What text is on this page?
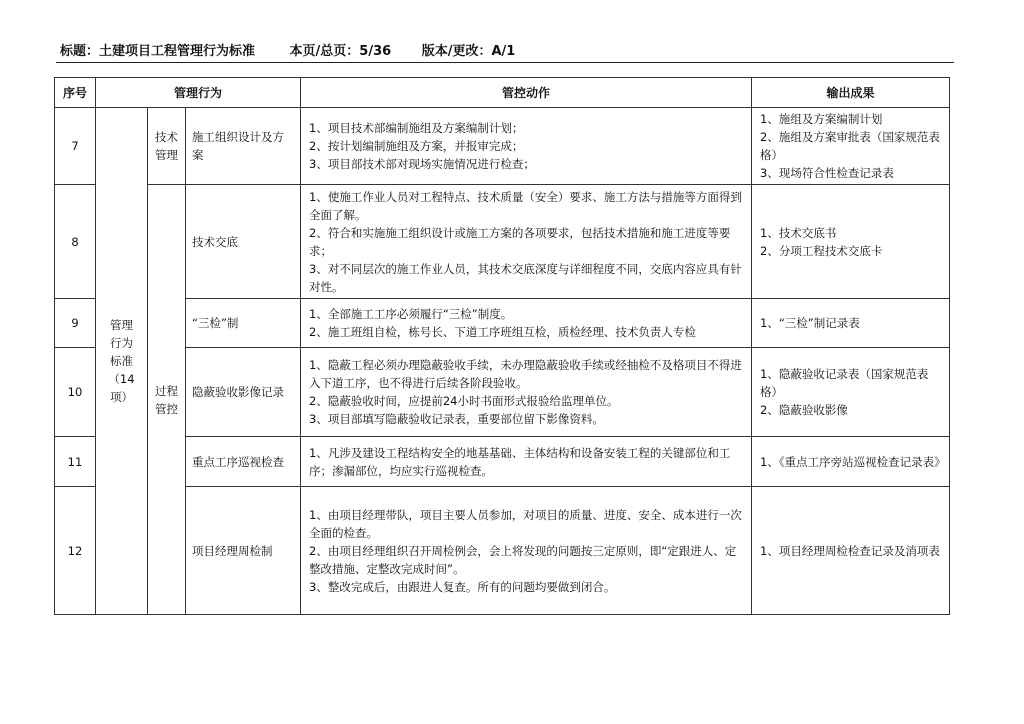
标题：土建项目工程管理行为标准	本页/总页：5/36 版本/更改：A/1
序号	管理行为			管控动作	输出成果
7	管理
行为
标准
（14
项）	技术
管理	施工组织设计及方案	1、项目技术部编制施组及方案编制计划；
2、按计划编制施组及方案，并报审完成；
3、项目部技术部对现场实施情况进行检查；	1、施组及方案编制计划
2、施组及方案审批表（国家规范表格）
3、现场符合性检查记录表

8		过程
管控	技术交底	1、使施工作业人员对工程特点、技术质量（安全）要求、施工方法与措施等方面得到全面了解。
2、符合和实施施工组织设计或施工方案的各项要求，包括技术措施和施工进度等要求；
3、对不同层次的施工作业人员，其技术交底深度与详细程度不同，交底内容应具有针对性。	1、技术交底书
2、分项工程技术交底卡

9			“三检”制	1、全部施工工序必须履行“三检”制度。
2、施工班组自检，栋号长、下道工序班组互检，质检经理、技术负责人专检	1、“三检”制记录表

10			隐蔽验收影像记录	1、隐蔽工程必须办理隐蔽验收手续，未办理隐蔽验收手续或经抽检不及格项目不得进入下道工序，也不得进行后续各阶段验收。
2、隐蔽验收时间，应提前24小时书面形式报验给监理单位。
3、项目部填写隐蔽验收记录表，重要部位留下影像资料。	1、隐蔽验收记录表（国家规范表格）
2、隐蔽验收影像

11			重点工序巡视检查	1、凡涉及建设工程结构安全的地基基础、主体结构和设备安装工程的关键部位和工序；渗漏部位，均应实行巡视检查。	1、《重点工序旁站巡视检查记录表》

12			项目经理周检制	1、由项目经理带队，项目主要人员参加，对项目的质量、进度、安全、成本进行一次全面的检查。
2、由项目经理组织召开周检例会，会上将发现的问题按三定原则，即“定跟进人、定整改措施、定整改完成时间”。
3、整改完成后，由跟进人复查。所有的问题均要做到闭合。	1、项目经理周检检查记录及消项表
